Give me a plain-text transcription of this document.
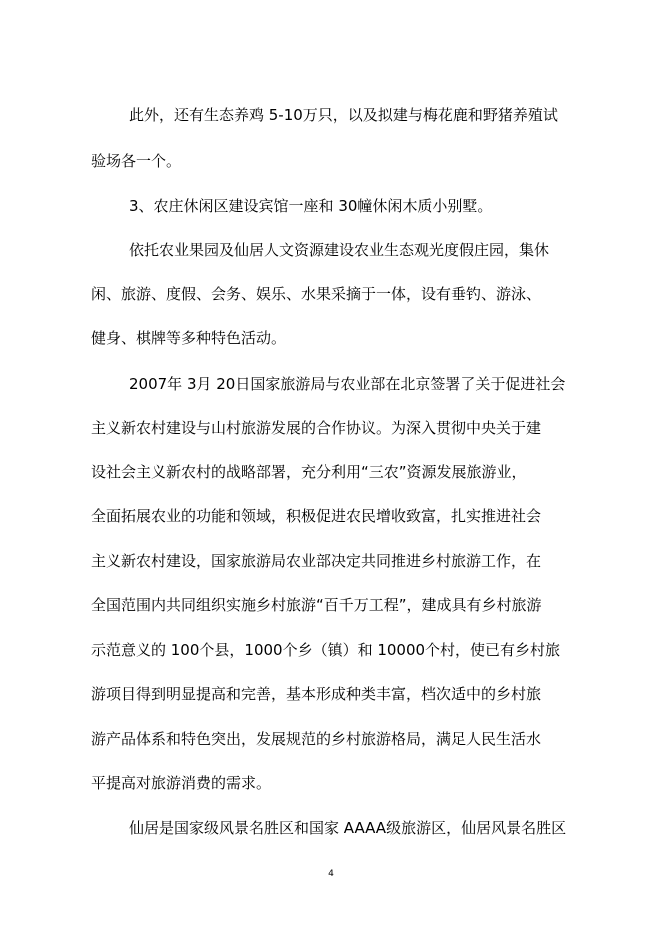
此外，还有生态养鸡 5-10万只，以及拟建与梅花鹿和野猪养殖试

验场各一个。

3、农庄休闲区建设宾馆一座和 30幢休闲木质小别墅。

依托农业果园及仙居人文资源建设农业生态观光度假庄园，集休

闲、旅游、度假、会务、娱乐、水果采摘于一体，设有垂钓、游泳、

健身、棋牌等多种特色活动。

2007年 3月 20日国家旅游局与农业部在北京签署了关于促进社会

主义新农村建设与山村旅游发展的合作协议。为深入贯彻中央关于建

设社会主义新农村的战略部署，充分利用“三农”资源发展旅游业，

全面拓展农业的功能和领域，积极促进农民增收致富，扎实推进社会

主义新农村建设，国家旅游局农业部决定共同推进乡村旅游工作，在

全国范围内共同组织实施乡村旅游“百千万工程”，建成具有乡村旅游

示范意义的 100个县，1000个乡（镇）和 10000个村，使已有乡村旅

游项目得到明显提高和完善，基本形成种类丰富，档次适中的乡村旅

游产品体系和特色突出，发展规范的乡村旅游格局，满足人民生活水

平提高对旅游消费的需求。

仙居是国家级风景名胜区和国家 AAAA级旅游区，仙居风景名胜区

4
